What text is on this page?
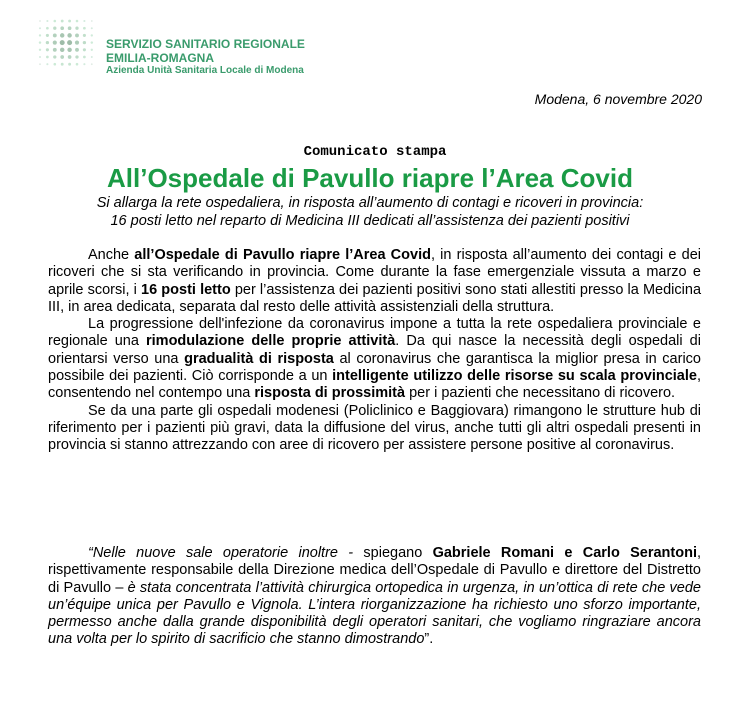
SERVIZIO SANITARIO REGIONALE
EMILIA-ROMAGNA
Azienda Unità Sanitaria Locale di Modena
Modena, 6 novembre 2020
Comunicato stampa
All’Ospedale di Pavullo riapre l’Area Covid
Si allarga la rete ospedaliera, in risposta all’aumento di contagi e ricoveri in provincia:
16 posti letto nel reparto di Medicina III dedicati all’assistenza dei pazienti positivi

Anche all’Ospedale di Pavullo riapre l’Area Covid, in risposta all’aumento dei contagi e dei ricoveri che si sta verificando in provincia. Come durante la fase emergenziale vissuta a marzo e aprile scorsi, i 16 posti letto per l’assistenza dei pazienti positivi sono stati allestiti presso la Medicina III, in area dedicata, separata dal resto delle attività assistenziali della struttura.

La progressione dell'infezione da coronavirus impone a tutta la rete ospedaliera provinciale e regionale una rimodulazione delle proprie attività. Da qui nasce la necessità degli ospedali di orientarsi verso una gradualità di risposta al coronavirus che garantisca la miglior presa in carico possibile dei pazienti. Ciò corrisponde a un intelligente utilizzo delle risorse su scala provinciale, consentendo nel contempo una risposta di prossimità per i pazienti che necessitano di ricovero.

Se da una parte gli ospedali modenesi (Policlinico e Baggiovara) rimangono le strutture hub di riferimento per i pazienti più gravi, data la diffusione del virus, anche tutti gli altri ospedali presenti in provincia si stanno attrezzando con aree di ricovero per assistere persone positive al coronavirus.

“Nelle nuove sale operatorie inoltre - spiegano Gabriele Romani e Carlo Serantoni, rispettivamente responsabile della Direzione medica dell’Ospedale di Pavullo e direttore del Distretto di Pavullo – è stata concentrata l’attività chirurgica ortopedica in urgenza, in un’ottica di rete che vede un’équipe unica per Pavullo e Vignola. L’intera riorganizzazione ha richiesto uno sforzo importante, permesso anche dalla grande disponibilità degli operatori sanitari, che vogliamo ringraziare ancora una volta per lo spirito di sacrificio che stanno dimostrando”.
